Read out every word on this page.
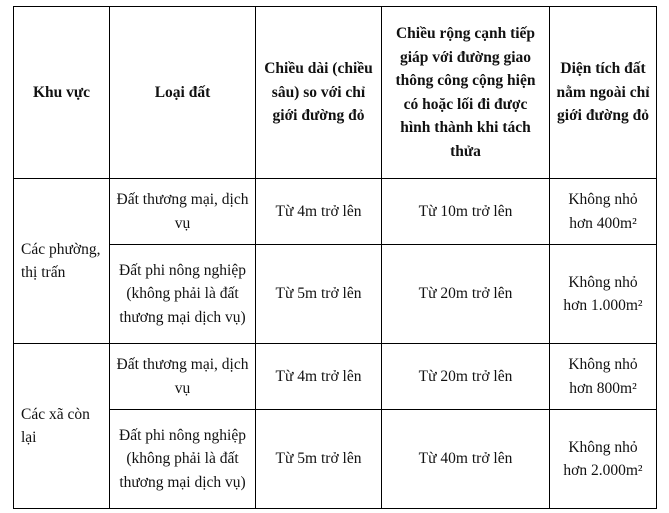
Khu vực	Loại đất	Chiều dài (chiều sâu) so với chỉ giới đường đỏ	Chiều rộng cạnh tiếp giáp với đường giao thông công cộng hiện có hoặc lối đi được hình thành khi tách thửa	Diện tích đất nằm ngoài chỉ giới đường đỏ
Các phường, thị trấn	Đất thương mại, dịch vụ	Từ 4m trở lên	Từ 10m trở lên	Không nhỏ hơn 400m²
	Đất phi nông nghiệp (không phải là đất thương mại dịch vụ)	Từ 5m trở lên	Từ 20m trở lên	Không nhỏ hơn 1.000m²
Các xã còn lại	Đất thương mại, dịch vụ	Từ 4m trở lên	Từ 20m trở lên	Không nhỏ hơn 800m²
	Đất phi nông nghiệp (không phải là đất thương mại dịch vụ)	Từ 5m trở lên	Từ 40m trở lên	Không nhỏ hơn 2.000m²
